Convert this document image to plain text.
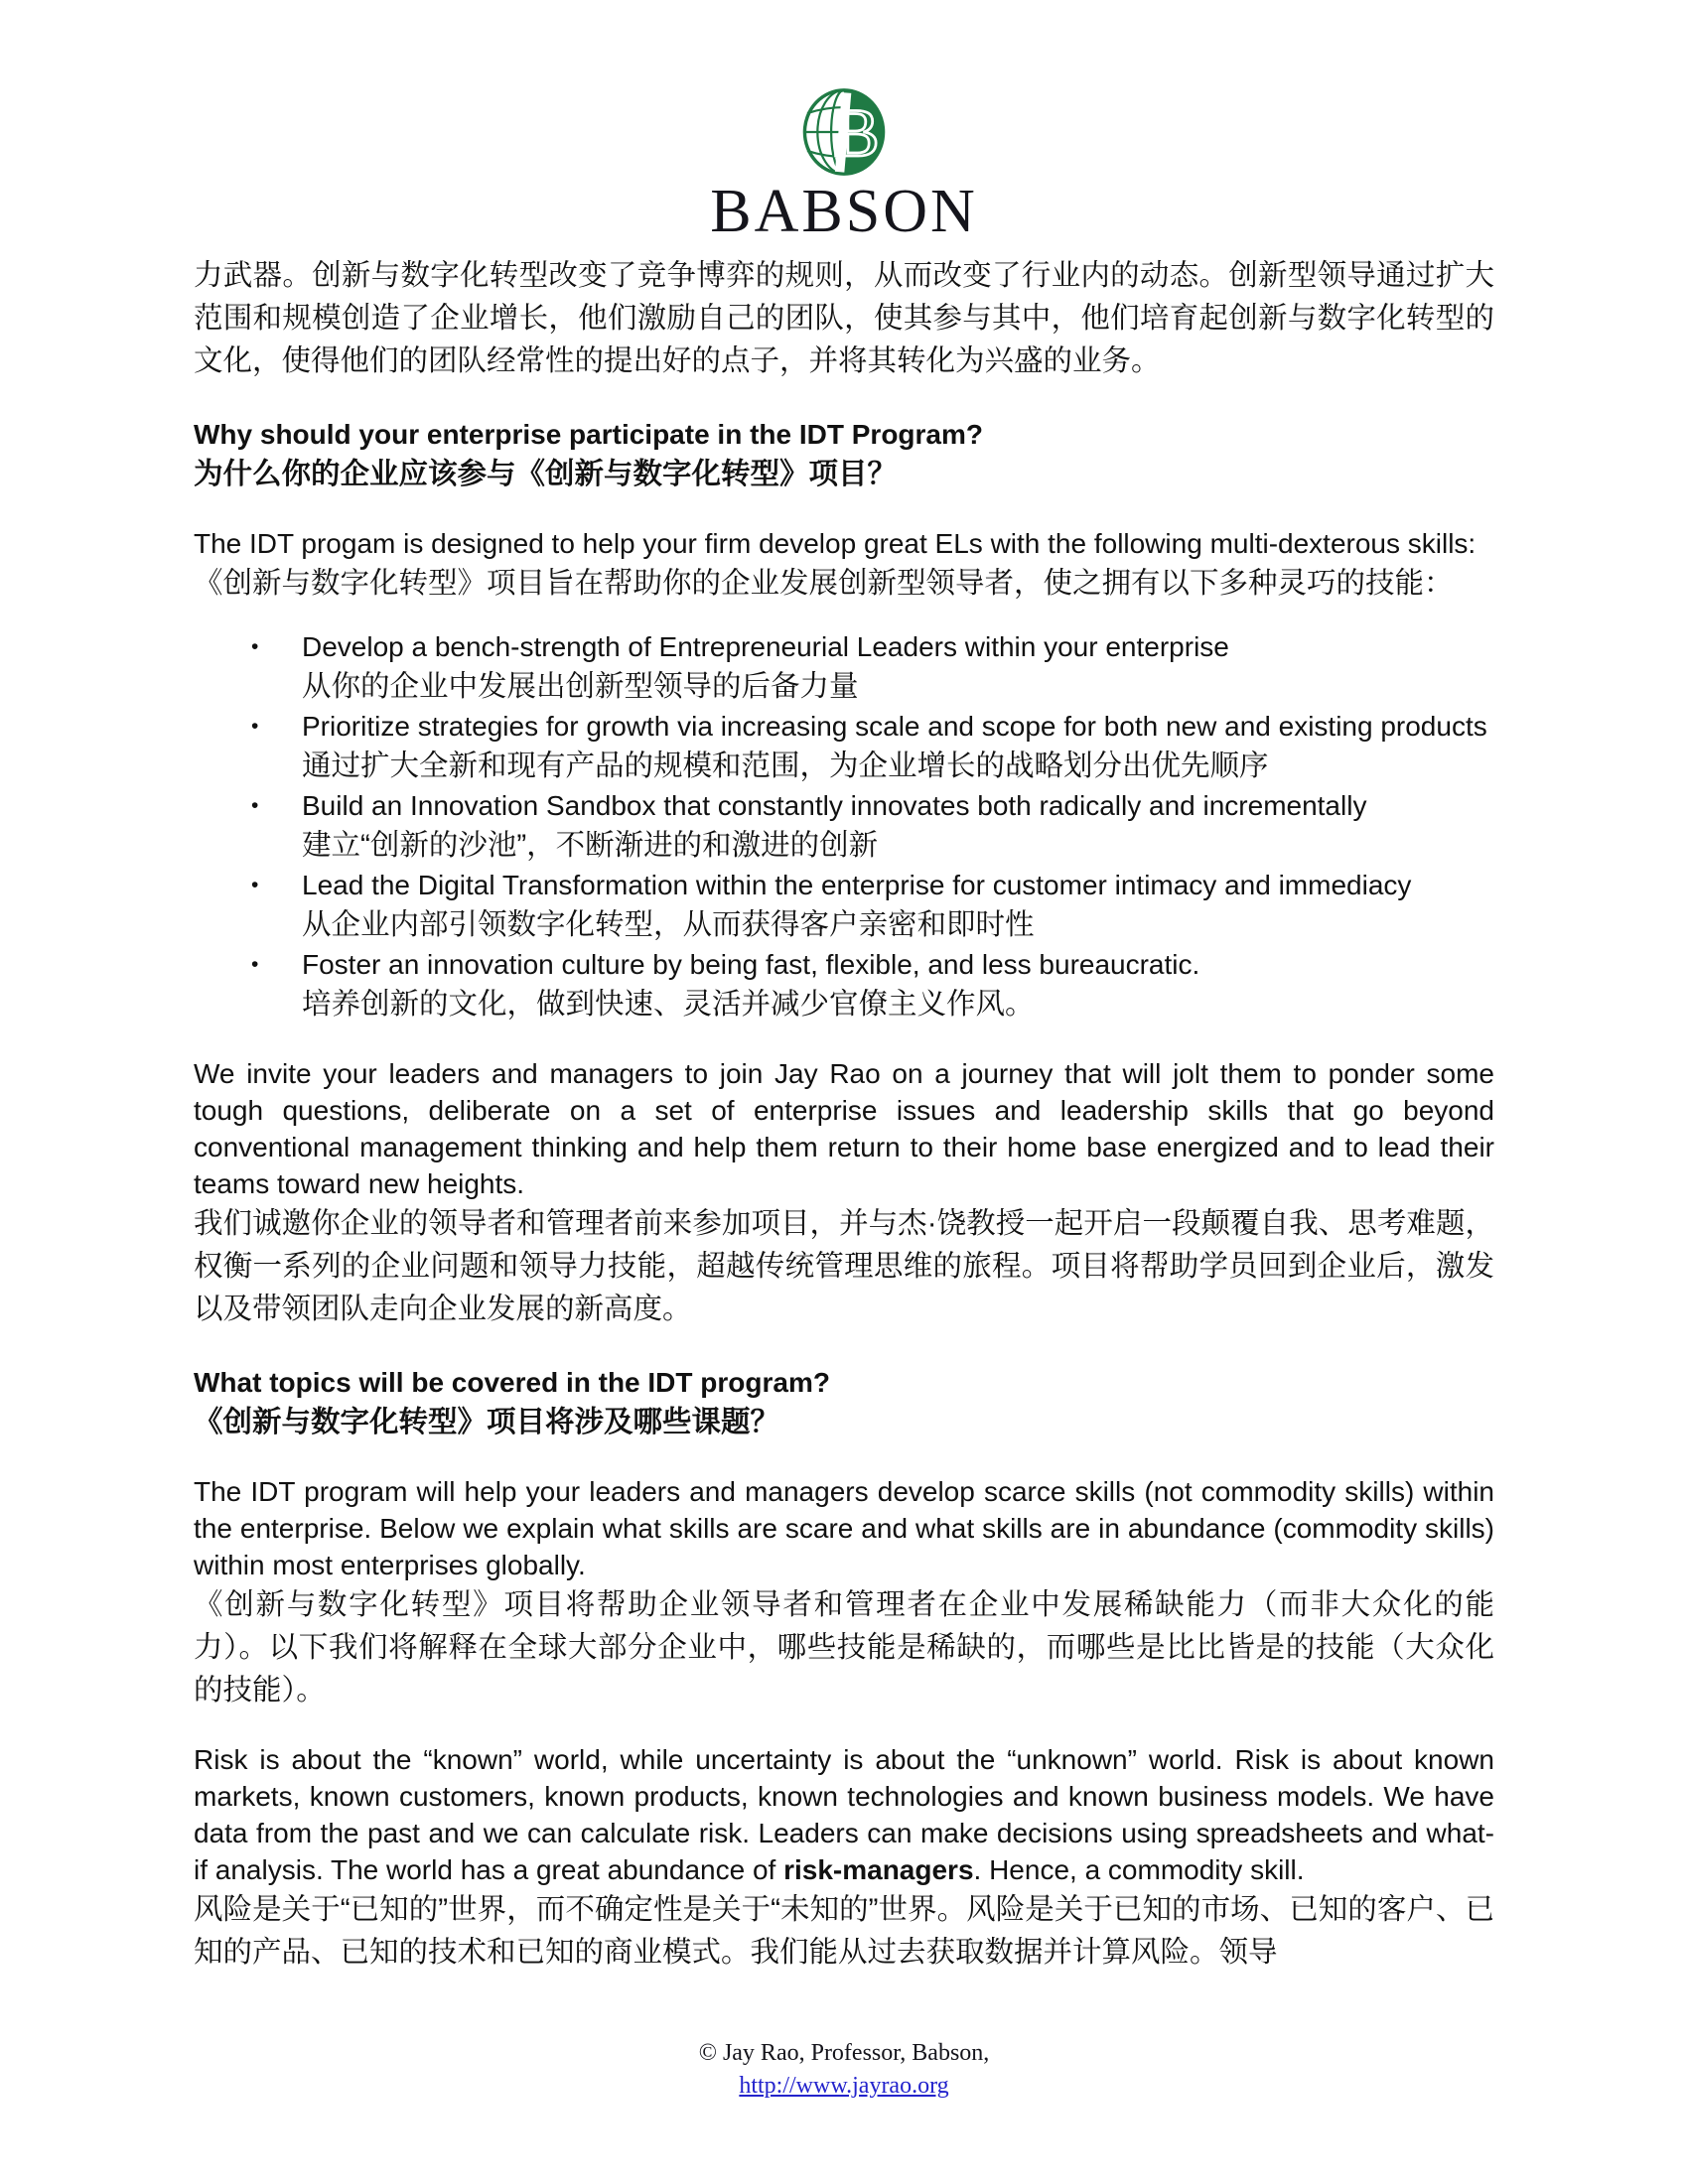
B
BABSON

力武器。创新与数字化转型改变了竞争博弈的规则，从而改变了行业内的动态。创新型领导通过扩大范围和规模创造了企业增长，他们激励自己的团队，使其参与其中，他们培育起创新与数字化转型的文化，使得他们的团队经常性的提出好的点子，并将其转化为兴盛的业务。

Why should your enterprise participate in the IDT Program?
为什么你的企业应该参与《创新与数字化转型》项目？
The IDT progam is designed to help your firm develop great ELs with the following multi-dexterous skills:
《创新与数字化转型》项目旨在帮助你的企业发展创新型领导者，使之拥有以下多种灵巧的技能：
• Develop a bench-strength of Entrepreneurial Leaders within your enterprise
从你的企业中发展出创新型领导的后备力量
• Prioritize strategies for growth via increasing scale and scope for both new and existing products
通过扩大全新和现有产品的规模和范围，为企业增长的战略划分出优先顺序
• Build an Innovation Sandbox that constantly innovates both radically and incrementally
建立“创新的沙池”，不断渐进的和激进的创新
• Lead the Digital Transformation within the enterprise for customer intimacy and immediacy
从企业内部引领数字化转型，从而获得客户亲密和即时性
• Foster an innovation culture by being fast, flexible, and less bureaucratic.
培养创新的文化，做到快速、灵活并减少官僚主义作风。
We invite your leaders and managers to join Jay Rao on a journey that will jolt them to ponder some tough questions, deliberate on a set of enterprise issues and leadership skills that go beyond conventional management thinking and help them return to their home base energized and to lead their teams toward new heights.
我们诚邀你企业的领导者和管理者前来参加项目，并与杰·饶教授一起开启一段颠覆自我、思考难题，权衡一系列的企业问题和领导力技能，超越传统管理思维的旅程。项目将帮助学员回到企业后，激发以及带领团队走向企业发展的新高度。
What topics will be covered in the IDT program?
《创新与数字化转型》项目将涉及哪些课题？
The IDT program will help your leaders and managers develop scarce skills (not commodity skills) within the enterprise. Below we explain what skills are scare and what skills are in abundance (commodity skills) within most enterprises globally.
《创新与数字化转型》项目将帮助企业领导者和管理者在企业中发展稀缺能力（而非大众化的能力）。以下我们将解释在全球大部分企业中，哪些技能是稀缺的，而哪些是比比皆是的技能（大众化的技能）。
Risk is about the “known” world, while uncertainty is about the “unknown” world. Risk is about known markets, known customers, known products, known technologies and known business models. We have data from the past and we can calculate risk. Leaders can make decisions using spreadsheets and what-if analysis. The world has a great abundance of risk-managers. Hence, a commodity skill.
风险是关于“已知的”世界，而不确定性是关于“未知的”世界。风险是关于已知的市场、已知的客户、已知的产品、已知的技术和已知的商业模式。我们能从过去获取数据并计算风险。领导
© Jay Rao, Professor, Babson,
http://www.jayrao.org
